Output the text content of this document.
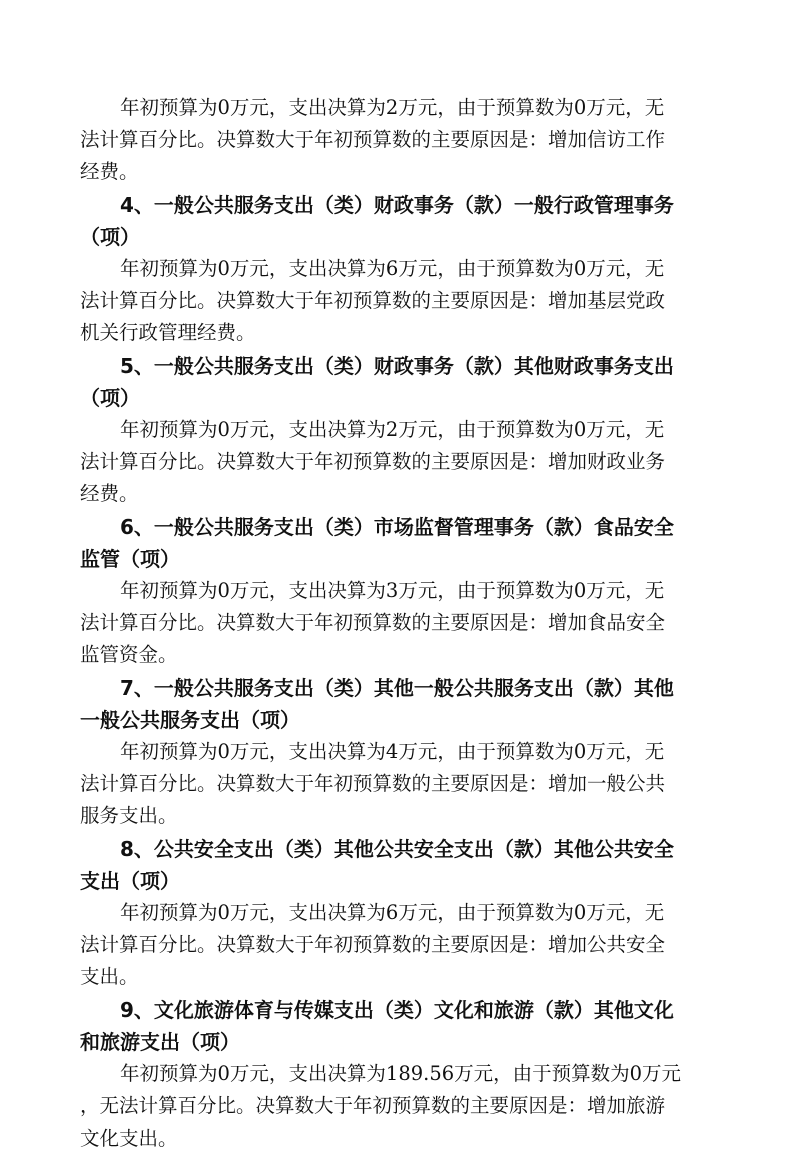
年初预算为0万元，支出决算为2万元，由于预算数为0万元，无
法计算百分比。决算数大于年初预算数的主要原因是：增加信访工作
经费。

4、一般公共服务支出（类）财政事务（款）一般行政管理事务
（项）

年初预算为0万元，支出决算为6万元，由于预算数为0万元，无
法计算百分比。决算数大于年初预算数的主要原因是：增加基层党政
机关行政管理经费。

5、一般公共服务支出（类）财政事务（款）其他财政事务支出
（项）

年初预算为0万元，支出决算为2万元，由于预算数为0万元，无
法计算百分比。决算数大于年初预算数的主要原因是：增加财政业务
经费。

6、一般公共服务支出（类）市场监督管理事务（款）食品安全
监管（项）

年初预算为0万元，支出决算为3万元，由于预算数为0万元，无
法计算百分比。决算数大于年初预算数的主要原因是：增加食品安全
监管资金。

7、一般公共服务支出（类）其他一般公共服务支出（款）其他
一般公共服务支出（项）

年初预算为0万元，支出决算为4万元，由于预算数为0万元，无
法计算百分比。决算数大于年初预算数的主要原因是：增加一般公共
服务支出。

8、公共安全支出（类）其他公共安全支出（款）其他公共安全
支出（项）

年初预算为0万元，支出决算为6万元，由于预算数为0万元，无
法计算百分比。决算数大于年初预算数的主要原因是：增加公共安全
支出。

9、文化旅游体育与传媒支出（类）文化和旅游（款）其他文化
和旅游支出（项）

年初预算为0万元，支出决算为189.56万元，由于预算数为0万元
，无法计算百分比。决算数大于年初预算数的主要原因是：增加旅游
文化支出。
